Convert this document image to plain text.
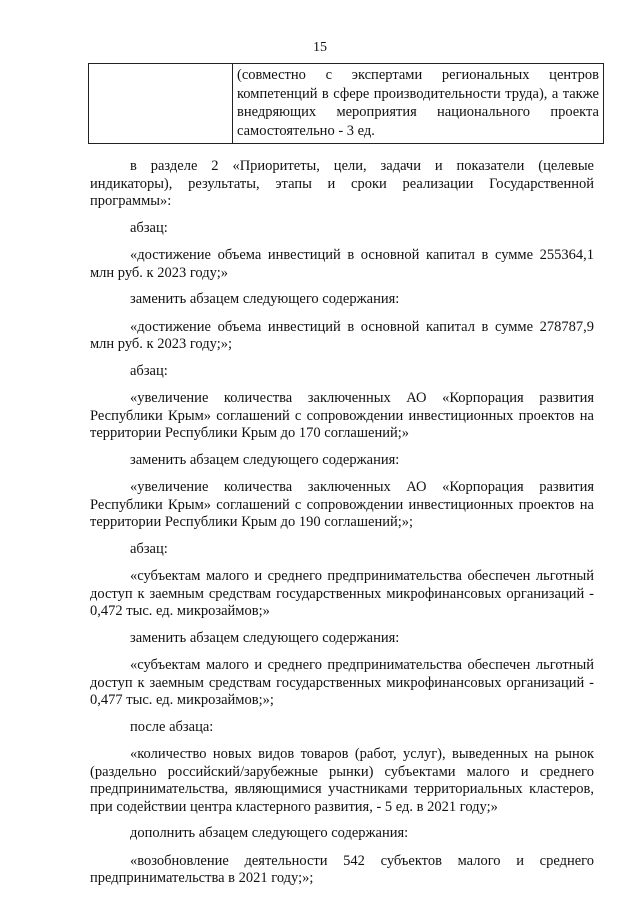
15
	(совместно с экспертами региональных центров компетенций в сфере производительности труда), а также внедряющих мероприятия национального проекта самостоятельно - 3 ед.

в разделе 2 «Приоритеты, цели, задачи и показатели (целевые индикаторы), результаты, этапы и сроки реализации Государственной программы»:

абзац:

«достижение объема инвестиций в основной капитал в сумме 255364,1 млн руб. к 2023 году;»

заменить абзацем следующего содержания:

«достижение объема инвестиций в основной капитал в сумме 278787,9 млн руб. к 2023 году;»;

абзац:

«увеличение количества заключенных АО «Корпорация развития Республики Крым» соглашений с сопровождении инвестиционных проектов на территории Республики Крым до 170 соглашений;»

заменить абзацем следующего содержания:

«увеличение количества заключенных АО «Корпорация развития Республики Крым» соглашений с сопровождении инвестиционных проектов на территории Республики Крым до 190 соглашений;»;

абзац:

«субъектам малого и среднего предпринимательства обеспечен льготный доступ к заемным средствам государственных микрофинансовых организаций - 0,472 тыс. ед. микрозаймов;»

заменить абзацем следующего содержания:

«субъектам малого и среднего предпринимательства обеспечен льготный доступ к заемным средствам государственных микрофинансовых организаций - 0,477 тыс. ед. микрозаймов;»;

после абзаца:

«количество новых видов товаров (работ, услуг), выведенных на рынок (раздельно российский/зарубежные рынки) субъектами малого и среднего предпринимательства, являющимися участниками территориальных кластеров, при содействии центра кластерного развития, - 5 ед. в 2021 году;»

дополнить абзацем следующего содержания:

«возобновление деятельности 542 субъектов малого и среднего предпринимательства в 2021 году;»;
